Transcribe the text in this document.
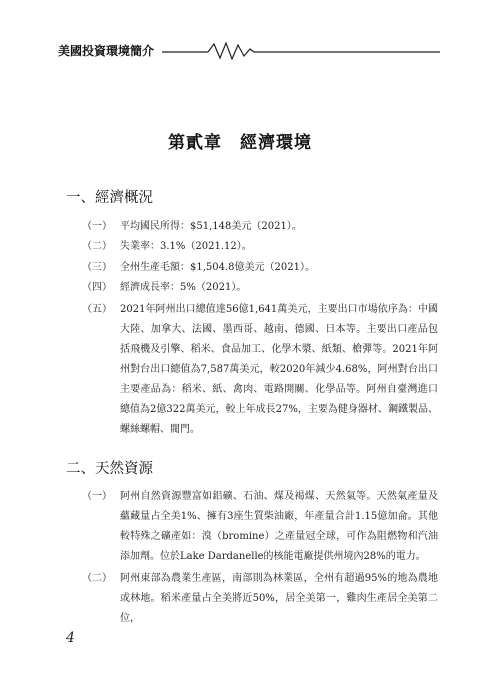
美國投資環境簡介
第貳章　經濟環境
一、經濟概況
（一） 平均國民所得：$51,148美元（2021）。
（二） 失業率：3.1%（2021.12）。
（三） 全州生產毛額：$1,504.8億美元（2021）。
（四） 經濟成長率：5%（2021）。
（五） 2021年阿州出口總值達56億1,641萬美元，主要出口市場依序為：中國大陸、加拿大、法國、墨西哥、越南、德國、日本等。主要出口產品包括飛機及引擎、稻米、食品加工、化學木漿、紙類、槍彈等。2021年阿州對台出口總值為7,587萬美元，較2020年減少4.68%，阿州對台出口主要產品為：稻米、紙、禽肉、電路開關、化學品等。阿州自臺灣進口總值為2億322萬美元，較上年成長27%，主要為健身器材、鋼鐵製品、螺絲螺帽、閥門。
二、天然資源
（一） 阿州自然資源豐富如鋁礦、石油、煤及褐煤、天然氣等。天然氣產量及蘊藏量占全美1%、擁有3座生質柴油廠，年產量合計1.15億加侖。其他較特殊之礦產如：溴（bromine）之產量冠全球，可作為阻燃物和汽油添加劑。位於Lake Dardanelle的核能電廠提供州境內28%的電力。
（二） 阿州東部為農業生產區，南部則為林業區，全州有超過95%的地為農地或林地。稻米產量占全美將近50%，居全美第一，雞肉生產居全美第二位，
4
